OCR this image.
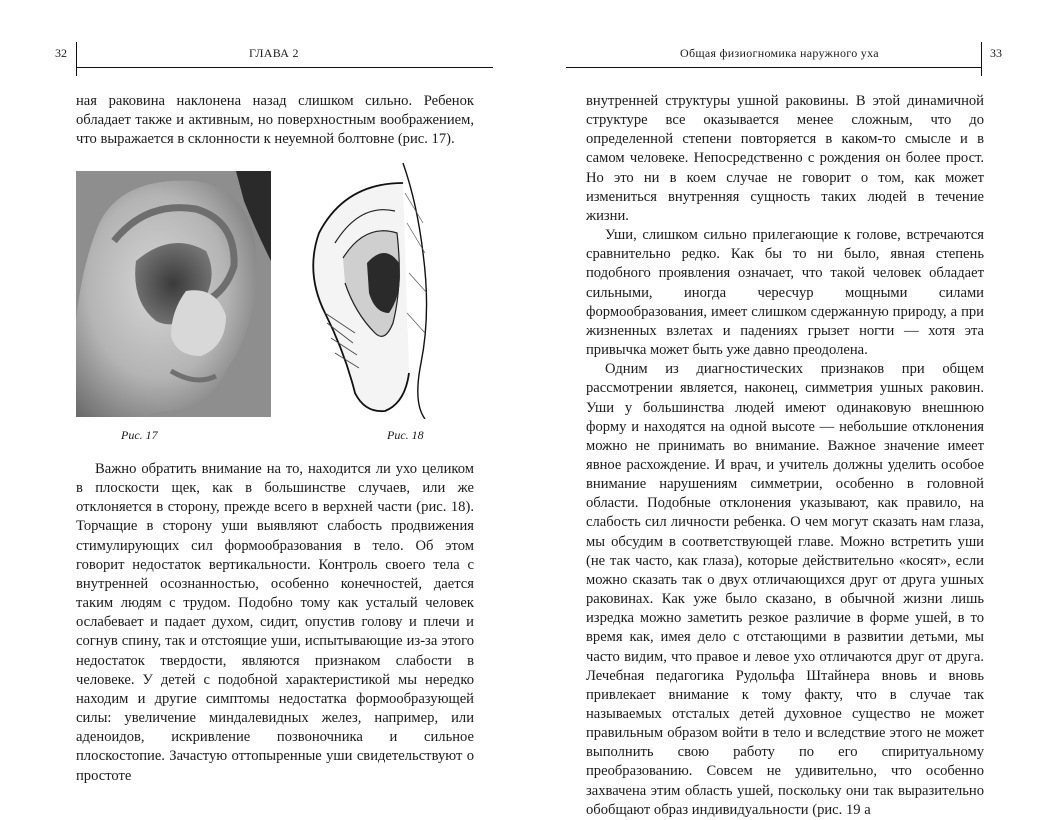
32	ГЛАВА 2

ная раковина наклонена назад слишком сильно. Ребенок обладает также и активным, но поверхностным воображением, что выражается в склонности к неуемной болтовне (рис. 17).

Рис. 17	Рис. 18

Важно обратить внимание на то, находится ли ухо целиком в плоскости щек, как в большинстве случаев, или же отклоняется в сторону, прежде всего в верхней части (рис. 18). Торчащие в сторону уши выявляют слабость продвижения стимулирующих сил формообразования в тело. Об этом говорит недостаток вертикальности. Контроль своего тела с внутренней осознанностью, особенно конечностей, дается таким людям с трудом. Подобно тому как усталый человек ослабевает и падает духом, сидит, опустив голову и плечи и согнув спину, так и отстоящие уши, испытывающие из-за этого недостаток твердости, являются признаком слабости в человеке. У детей с подобной характеристикой мы нередко находим и другие симптомы недостатка формообразующей силы: увеличение миндалевидных желез, например, или аденоидов, искривление позвоночника и сильное плоскостопие. Зачастую оттопыренные уши свидетельствуют о простоте

Общая физиогномика наружного уха	33

внутренней структуры ушной раковины. В этой динамичной структуре все оказывается менее сложным, что до определенной степени повторяется в каком-то смысле и в самом человеке. Непосредственно с рождения он более прост. Но это ни в коем случае не говорит о том, как может измениться внутренняя сущность таких людей в течение жизни.

Уши, слишком сильно прилегающие к голове, встречаются сравнительно редко. Как бы то ни было, явная степень подобного проявления означает, что такой человек обладает сильными, иногда чересчур мощными силами формообразования, имеет слишком сдержанную природу, а при жизненных взлетах и падениях грызет ногти — хотя эта привычка может быть уже давно преодолена.

Одним из диагностических признаков при общем рассмотрении является, наконец, симметрия ушных раковин. Уши у большинства людей имеют одинаковую внешнюю форму и находятся на одной высоте — небольшие отклонения можно не принимать во внимание. Важное значение имеет явное расхождение. И врач, и учитель должны уделить особое внимание нарушениям симметрии, особенно в головной области. Подобные отклонения указывают, как правило, на слабость сил личности ребенка. О чем могут сказать нам глаза, мы обсудим в соответствующей главе. Можно встретить уши (не так часто, как глаза), которые действительно «косят», если можно сказать так о двух отличающихся друг от друга ушных раковинах. Как уже было сказано, в обычной жизни лишь изредка можно заметить резкое различие в форме ушей, в то время как, имея дело с отстающими в развитии детьми, мы часто видим, что правое и левое ухо отличаются друг от друга. Лечебная педагогика Рудольфа Штайнера вновь и вновь привлекает внимание к тому факту, что в случае так называемых отсталых детей духовное существо не может правильным образом войти в тело и вследствие этого не может выполнить свою работу по его спиритуальному преобразованию. Совсем не удивительно, что особенно захвачена этим область ушей, поскольку они так выразительно обобщают образ индивидуальности (рис. 19 а
